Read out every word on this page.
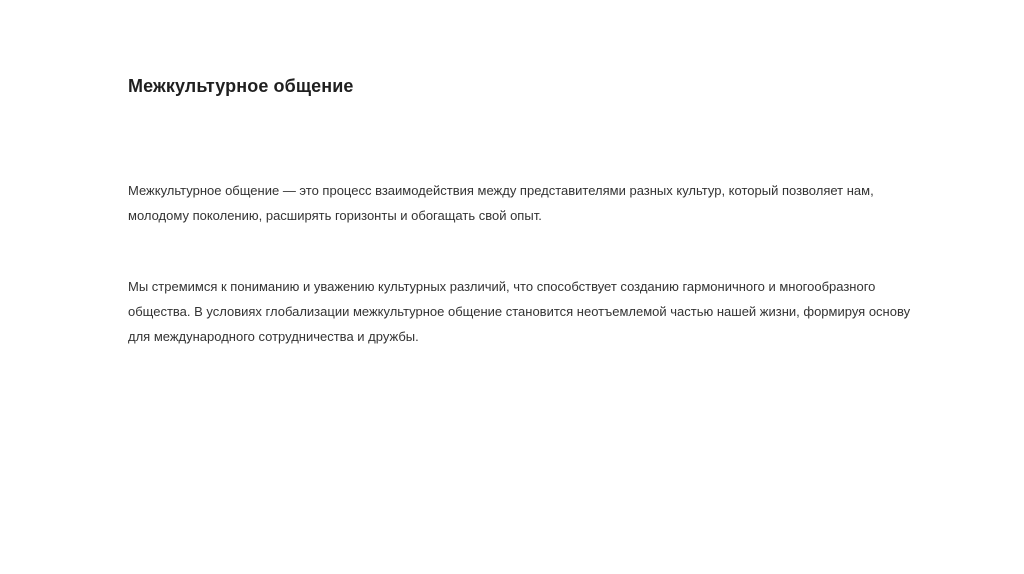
Межкультурное общение

Межкультурное общение — это процесс взаимодействия между представителями разных культур, который позволяет нам,
молодому поколению, расширять горизонты и обогащать свой опыт.

Мы стремимся к пониманию и уважению культурных различий, что способствует созданию гармоничного и многообразного
общества. В условиях глобализации межкультурное общение становится неотъемлемой частью нашей жизни, формируя основу
для международного сотрудничества и дружбы.
